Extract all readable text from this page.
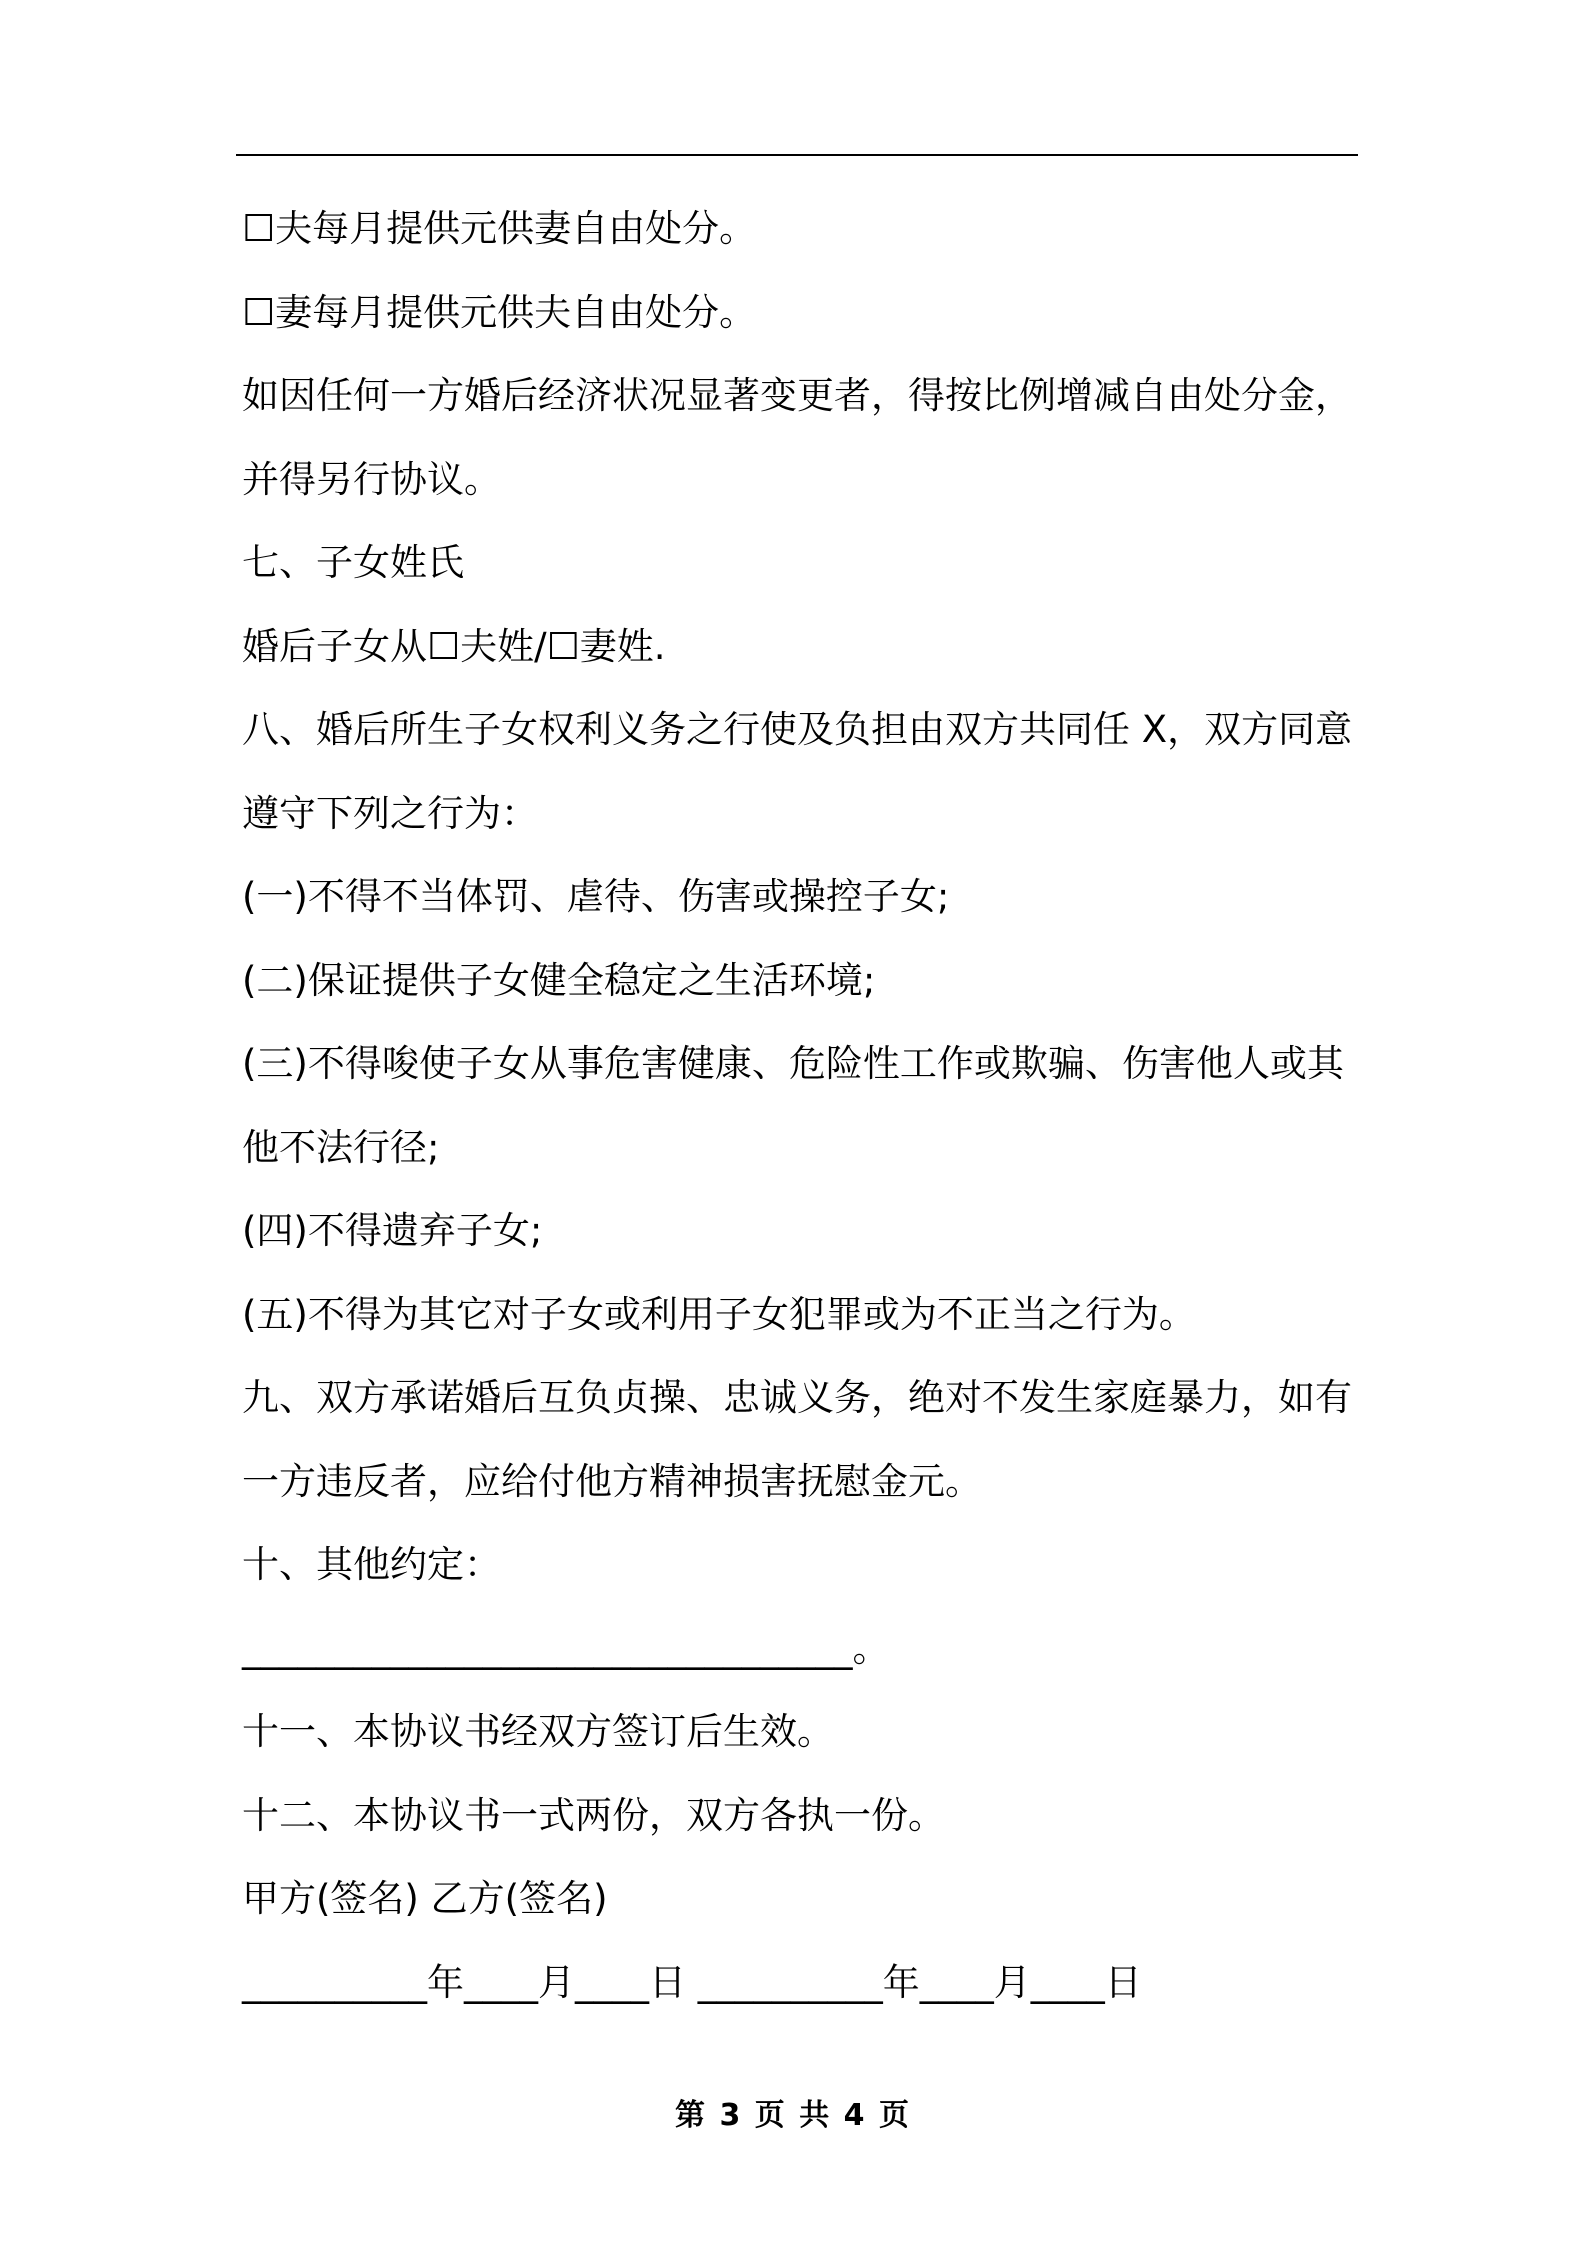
☐夫每月提供元供妻自由处分。
☐妻每月提供元供夫自由处分。
如因任何一方婚后经济状况显著变更者，得按比例增减自由处分金，
并得另行协议。
七、子女姓氏
婚后子女从☐夫姓/☐妻姓.
八、婚后所生子女权利义务之行使及负担由双方共同任 X，双方同意
遵守下列之行为：
(一)不得不当体罚、虐待、伤害或操控子女;
(二)保证提供子女健全稳定之生活环境;
(三)不得唆使子女从事危害健康、危险性工作或欺骗、伤害他人或其
他不法行径;
(四)不得遗弃子女;
(五)不得为其它对子女或利用子女犯罪或为不正当之行为。
九、双方承诺婚后互负贞操、忠诚义务，绝对不发生家庭暴力，如有
一方违反者，应给付他方精神损害抚慰金元。
十、其他约定：
_________________________________。
十一、本协议书经双方签订后生效。
十二、本协议书一式两份，双方各执一份。
甲方(签名) 乙方(签名)
__________年____月____日 __________年____月____日
第 3 页 共 4 页
